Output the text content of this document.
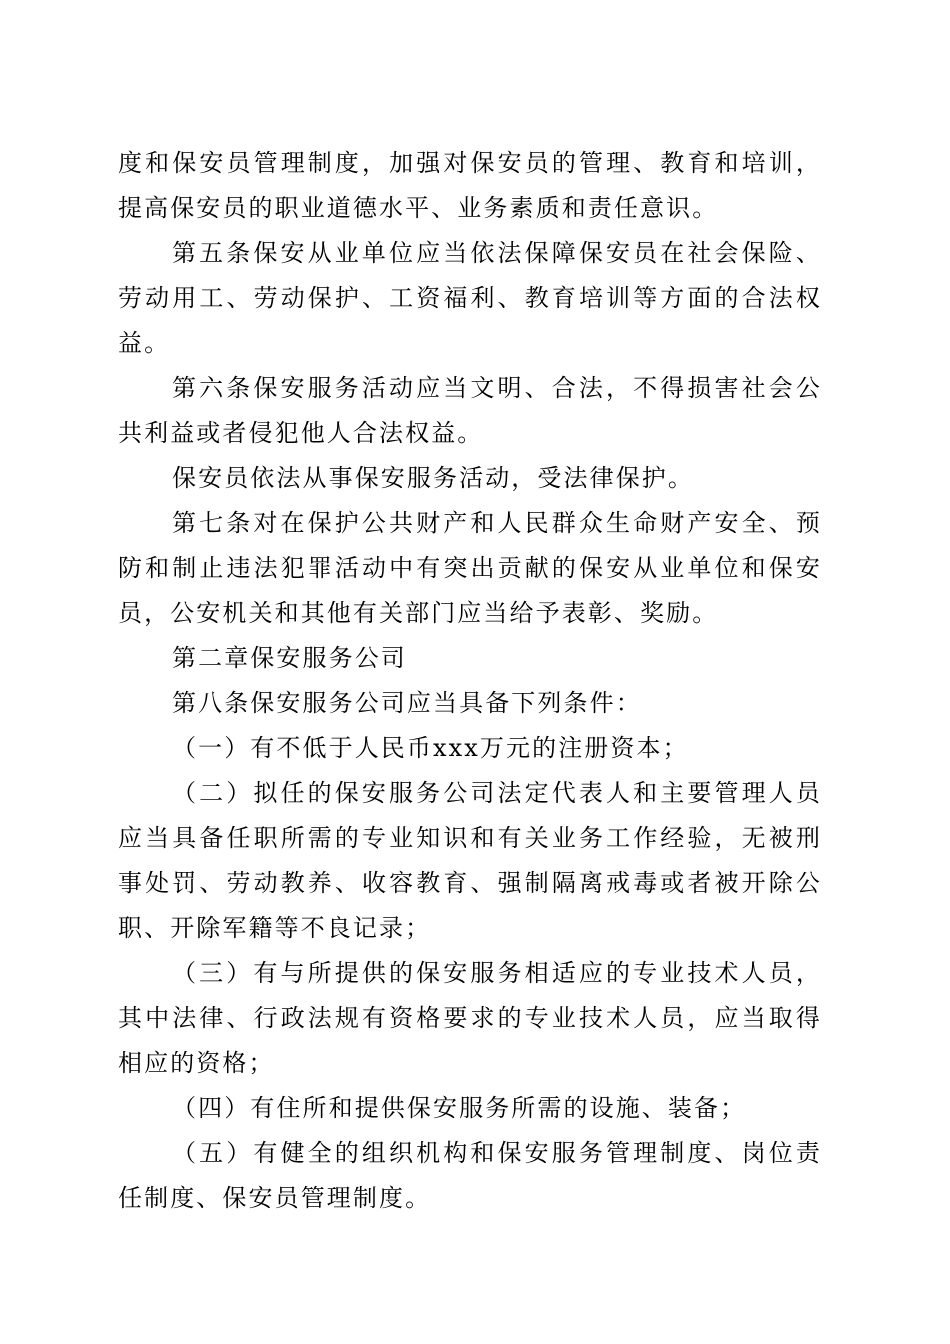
度和保安员管理制度，加强对保安员的管理、教育和培训，提高保安员的职业道德水平、业务素质和责任意识。

第五条保安从业单位应当依法保障保安员在社会保险、劳动用工、劳动保护、工资福利、教育培训等方面的合法权益。

第六条保安服务活动应当文明、合法，不得损害社会公共利益或者侵犯他人合法权益。

保安员依法从事保安服务活动，受法律保护。

第七条对在保护公共财产和人民群众生命财产安全、预防和制止违法犯罪活动中有突出贡献的保安从业单位和保安员，公安机关和其他有关部门应当给予表彰、奖励。

第二章保安服务公司

第八条保安服务公司应当具备下列条件：

（一）有不低于人民币xxx万元的注册资本；

（二）拟任的保安服务公司法定代表人和主要管理人员应当具备任职所需的专业知识和有关业务工作经验，无被刑事处罚、劳动教养、收容教育、强制隔离戒毒或者被开除公职、开除军籍等不良记录；

（三）有与所提供的保安服务相适应的专业技术人员，其中法律、行政法规有资格要求的专业技术人员，应当取得相应的资格；

（四）有住所和提供保安服务所需的设施、装备；

（五）有健全的组织机构和保安服务管理制度、岗位责任制度、保安员管理制度。
